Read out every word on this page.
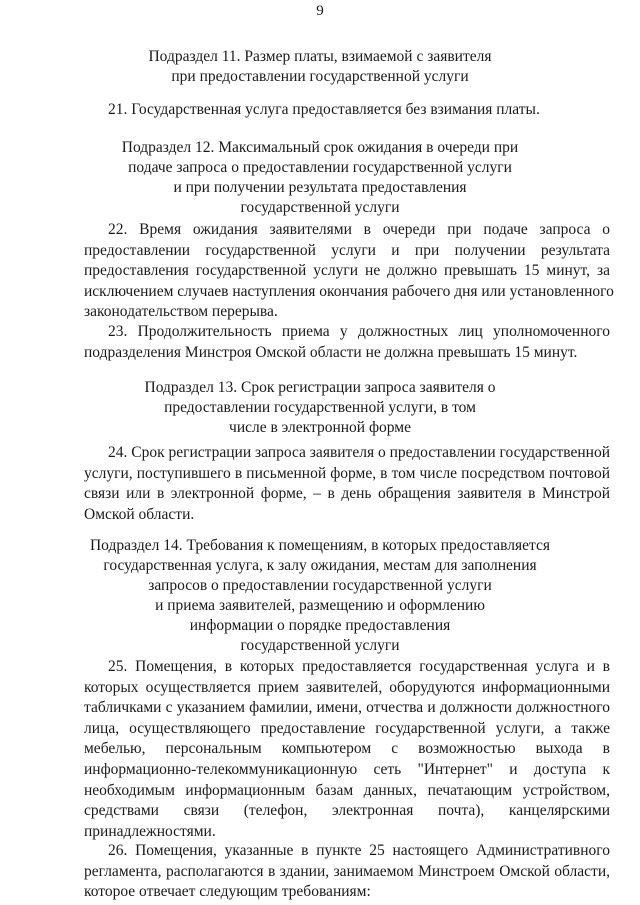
9
Подраздел 11. Размер платы, взимаемой с заявителя
при предоставлении государственной услуги
21. Государственная услуга предоставляется без взимания платы.
Подраздел 12. Максимальный срок ожидания в очереди при
подаче запроса о предоставлении государственной услуги
и при получении результата предоставления
государственной услуги
22. Время ожидания заявителями в очереди при подаче запроса о
предоставлении государственной услуги и при получении результата
предоставления государственной услуги не должно превышать 15 минут, за
исключением случаев наступления окончания рабочего дня или установленного
законодательством перерыва.
23. Продолжительность приема у должностных лиц уполномоченного
подразделения Минстроя Омской области не должна превышать 15 минут.
Подраздел 13. Срок регистрации запроса заявителя о
предоставлении государственной услуги, в том
числе в электронной форме
24. Срок регистрации запроса заявителя о предоставлении государственной
услуги, поступившего в письменной форме, в том числе посредством почтовой
связи или в электронной форме, – в день обращения заявителя в Минстрой
Омской области.
Подраздел 14. Требования к помещениям, в которых предоставляется
государственная услуга, к залу ожидания, местам для заполнения
запросов о предоставлении государственной услуги
и приема заявителей, размещению и оформлению
информации о порядке предоставления
государственной услуги
25. Помещения, в которых предоставляется государственная услуга и в
которых осуществляется прием заявителей, оборудуются информационными
табличками с указанием фамилии, имени, отчества и должности должностного
лица, осуществляющего предоставление государственной услуги, а также
мебелью, персональным компьютером с возможностью выхода в
информационно-телекоммуникационную сеть "Интернет" и доступа к
необходимым информационным базам данных, печатающим устройством,
средствами связи (телефон, электронная почта), канцелярскими
принадлежностями.
26. Помещения, указанные в пункте 25 настоящего Административного
регламента, располагаются в здании, занимаемом Минстроем Омской области,
которое отвечает следующим требованиям:
